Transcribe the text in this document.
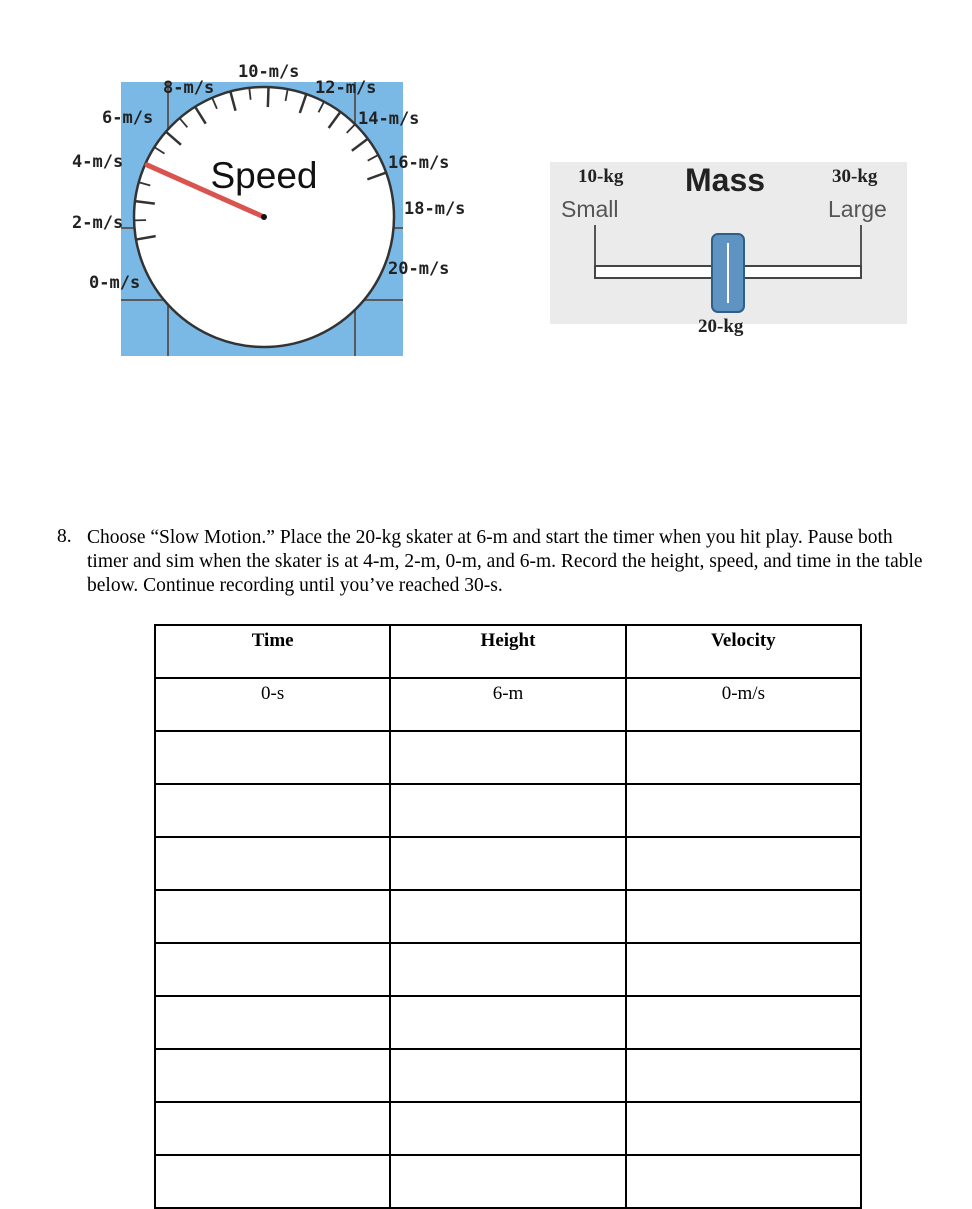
Speed
0-m/s
2-m/s
4-m/s
6-m/s
8-m/s
10-m/s
12-m/s
14-m/s
16-m/s
18-m/s
20-m/s
10-kg
Small
Mass	30-kg
Large
20-kg
8. Choose “Slow Motion.” Place the 20-kg skater at 6-m and start the timer when you hit play. Pause both timer and sim when the skater is at 4-m, 2-m, 0-m, and 6-m. Record the height, speed, and time in the table below. Continue recording until you’ve reached 30-s.
Time	Height	Velocity
0-s	6-m	0-m/s
